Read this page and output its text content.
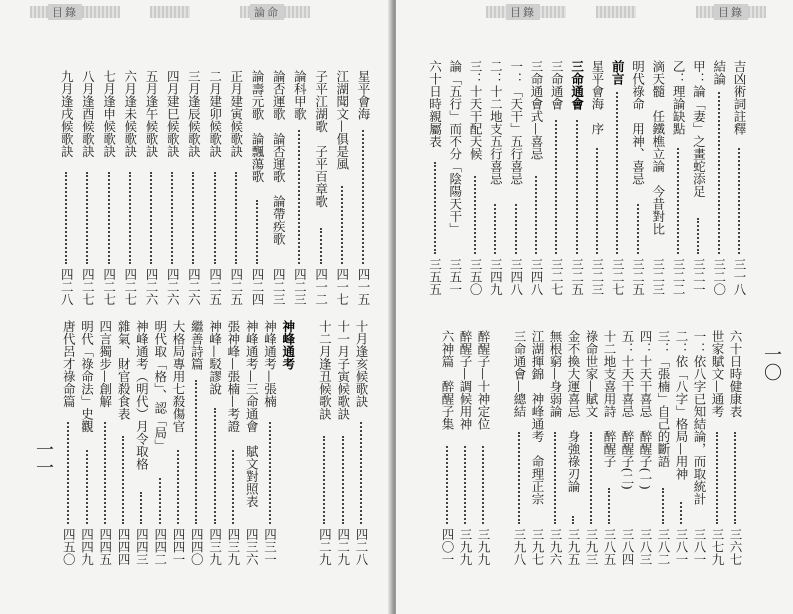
目錄	論命
一一
星平會海
四一五
江湖聞文—俱是風
四一七
子平江湖歌　子平百章歌
四一二
論科甲歌
四二三
論否運歌　論否運歌　論帶疾歌
四二三
論壽元歌　論飄蕩歌
四二四
正月建寅候歌訣
四二五
二月建卯候歌訣
四二五
三月逢辰候歌訣
四二六
四月建巳候歌訣
四二六
五月逢午候歌訣
四二六
六月逢未候歌訣
四二七
七月逢申候歌訣
四二七
八月逢酉候歌訣
四二七
九月逢戌候歌訣
四二八
十月逢亥候歌訣
四二八
十一月子寅候歌訣
四二九
十二月逢丑候歌訣
四二九
神峰通考
神峰通考—張楠
四三一
神峰通考—三命通會　賦文對照表
四三六
張神峰—張楠—考證
四三九
神峰—駁謬說
四三九
繼善詩篇
四四〇
大格局專用七殺傷官
四四一
明代取「格」、認「局」
四四二
神峰通考（明代）月令取格
四四三
雜氣、財官殺食表
四四四
四言獨步—創解
四四五
明代「祿命法」史觀
四四九
唐代呂才祿命篇
四五〇
目錄	目錄
一〇
吉凶術詞註釋
三一八
結論
三二〇
甲：論「妻」之畫蛇添足
三二一
乙：理論缺點
三二二
滴天髓　任鐵樵立論　今昔對比
三二三
明代祿命　用神、喜忌
三二五
前言
三二七
星平會海　序
三二三
三命通會
三二五
三命通會
三二七
三命通會式—喜忌
三四八
一：「天干」五行喜忌
三四八
二：十二地支五行喜忌
三四九
三：十天干配天候
三五〇
論「五行」而不分「陰陽天干」
三五一
六十日時親屬表
三五五
六十日時健康表
三六七
世家賦文—通考
三七九
一：依八字已知結論，而取統計
三八一
二：依「八字」格局—用神
三八一
三：「張楠」自己的斷語
三八二
四：十天干喜忌　醉醒子(一)
三八三
五：十天干喜忌　醉醒子(二)
三八四
十二地支喜用詩　醉醒子
三八五
祿命世家—賦文
三九三
金不換大運喜忌　身強祿刃論
三九五
無根窮—身弱論
三九六
江湖揮錦　神峰通考　命理正宗
三九七
三命通會—總結
三九八
醉醒子—十神定位
三九九
醉醒子—調候用神
三九九
六神篇　醉醒子集
四〇一
